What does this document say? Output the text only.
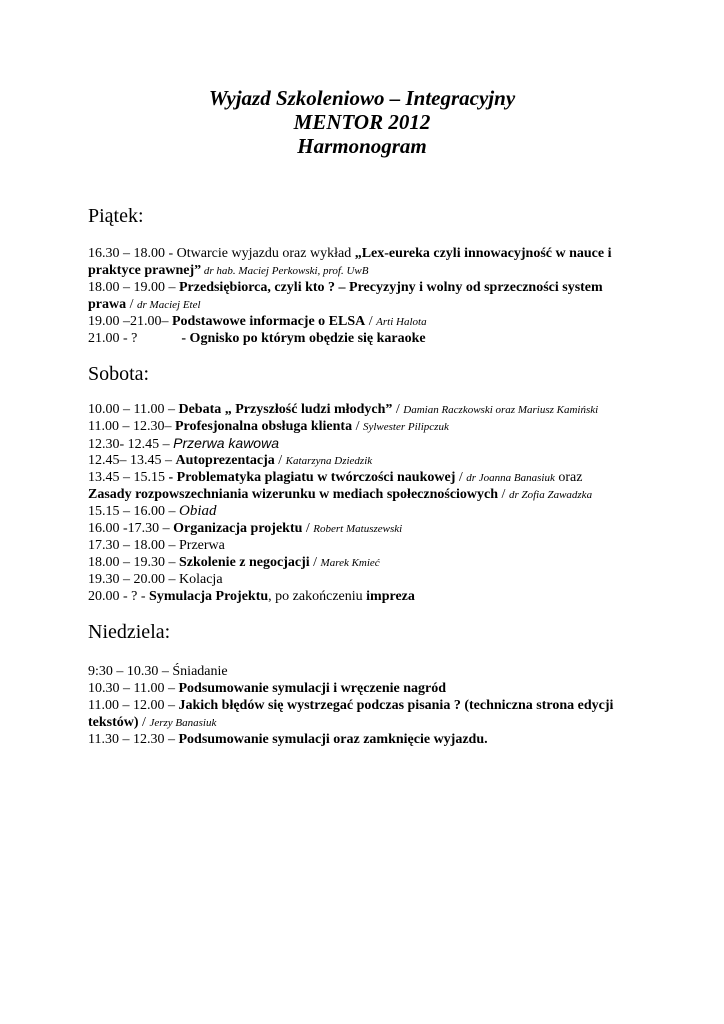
Wyjazd Szkoleniowo – Integracyjny
MENTOR 2012
Harmonogram
Piątek:
16.30 – 18.00 - Otwarcie wyjazdu oraz wykład „Lex-eureka czyli innowacyjność w nauce i
praktyce prawnej” dr hab. Maciej Perkowski, prof. UwB
18.00 – 19.00 – Przedsiębiorca, czyli kto ? – Precyzyjny i wolny od sprzeczności system
prawa / dr Maciej Etel
19.00 –21.00– Podstawowe informacje o ELSA / Arti Halota
21.00 - ?	- Ognisko po którym obędzie się karaoke
Sobota:
10.00 – 11.00 – Debata „ Przyszłość ludzi młodych” / Damian Raczkowski oraz Mariusz Kamiński
11.00 – 12.30– Profesjonalna obsługa klienta / Sylwester Pilipczuk
12.30- 12.45 – Przerwa kawowa
12.45– 13.45 – Autoprezentacja / Katarzyna Dziedzik
13.45 – 15.15 - Problematyka plagiatu w twórczości naukowej / dr Joanna Banasiuk oraz
Zasady rozpowszechniania wizerunku w mediach społecznościowych / dr Zofia Zawadzka
15.15 – 16.00 – Obiad
16.00 -17.30 – Organizacja projektu / Robert Matuszewski
17.30 – 18.00 – Przerwa
18.00 – 19.30 – Szkolenie z negocjacji / Marek Kmieć
19.30 – 20.00 – Kolacja
20.00 - ? - Symulacja Projektu, po zakończeniu impreza
Niedziela:
9:30 – 10.30 – Śniadanie
10.30 – 11.00 – Podsumowanie symulacji i wręczenie nagród
11.00 – 12.00 – Jakich błędów się wystrzegać podczas pisania ? (techniczna strona edycji
tekstów) / Jerzy Banasiuk
11.30 – 12.30 – Podsumowanie symulacji oraz zamknięcie wyjazdu.
